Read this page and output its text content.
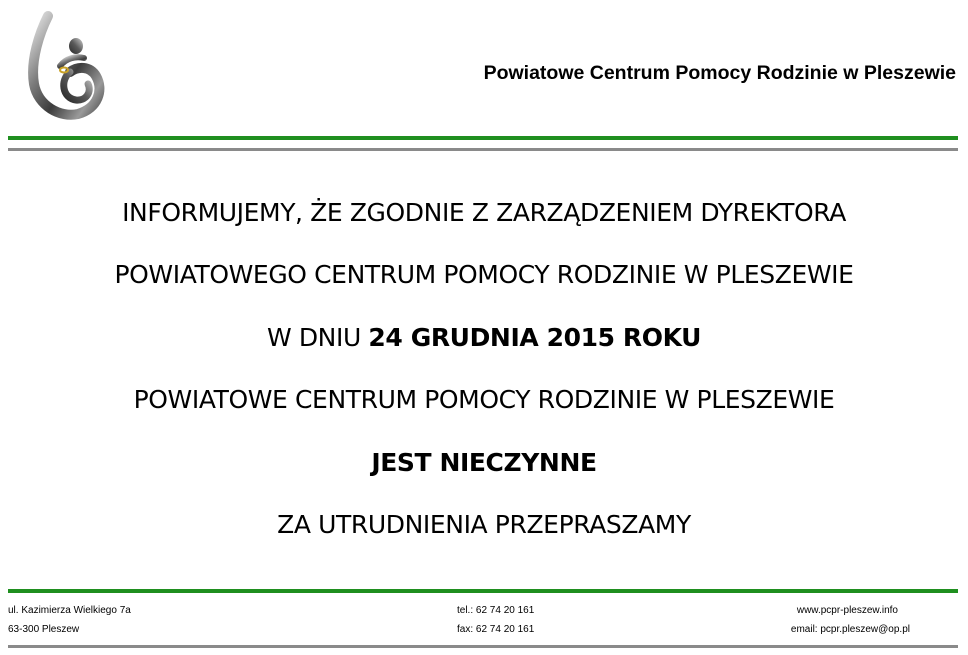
Powiatowe Centrum Pomocy Rodzinie w Pleszewie
INFORMUJEMY, ŻE ZGODNIE Z ZARZĄDZENIEM DYREKTORA
POWIATOWEGO CENTRUM POMOCY RODZINIE W PLESZEWIE
W DNIU 24 GRUDNIA 2015 ROKU
POWIATOWE CENTRUM POMOCY RODZINIE W PLESZEWIE
JEST NIECZYNNE
ZA UTRUDNIENIA PRZEPRASZAMY
ul. Kazimierza Wielkiego 7a
63-300 Pleszew
tel.: 62 74 20 161
fax: 62 74 20 161
www.pcpr-pleszew.info
email: pcpr.pleszew@op.pl
